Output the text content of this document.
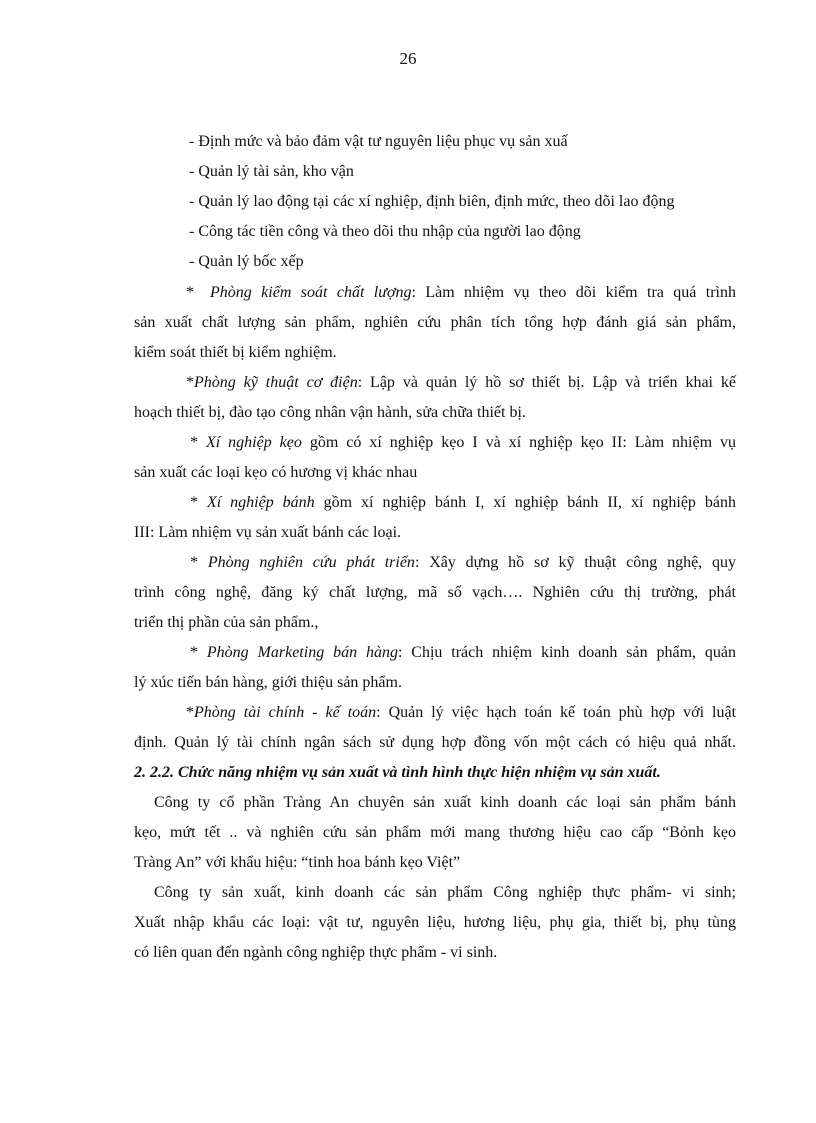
26
- Định mức và bảo đảm vật tư nguyên liệu phục vụ sản xuấ
- Quản lý tài sản, kho vận
- Quản lý lao động tại các xí nghiệp, định biên, định mức, theo dõi lao động
- Công tác tiền công và theo dõi thu nhập của người lao động
- Quản lý bốc xếp
* Phòng kiểm soát chất lượng: Làm nhiệm vụ theo dõi kiểm tra quá trình
sản xuất chất lượng sản phẩm, nghiên cứu phân tích tổng hợp đánh giá sản phẩm,
kiểm soát thiết bị kiểm nghiệm.
*Phòng kỹ thuật cơ điện: Lập và quản lý hồ sơ thiết bị. Lập và triển khai kế
hoạch thiết bị, đào tạo công nhân vận hành, sửa chữa thiết bị.
* Xí nghiệp kẹo gồm có xí nghiệp kẹo I và xí nghiệp kẹo II: Làm nhiệm vụ
sản xuất các loại kẹo có hương vị khác nhau
* Xí nghiệp bánh gồm xí nghiệp bánh I, xí nghiệp bánh II, xí nghiệp bánh
III: Làm nhiệm vụ sản xuất bánh các loại.
* Phòng nghiên cứu phát triển: Xây dựng hồ sơ kỹ thuật công nghệ, quy
trình công nghệ, đăng ký chất lượng, mã số vạch…. Nghiên cứu thị trường, phát
triển thị phần của sản phẩm.,
* Phòng Marketing bán hàng: Chịu trách nhiệm kinh doanh sản phẩm, quản
lý xúc tiến bán hàng, giới thiệu sản phẩm.
*Phòng tài chính - kế toán: Quản lý việc hạch toán kế toán phù hợp với luật
định. Quản lý tài chính ngân sách sử dụng hợp đồng vốn một cách có hiệu quả nhất.
2. 2.2. Chức năng nhiệm vụ sản xuất và tình hình thực hiện nhiệm vụ sản xuất.
Công ty cổ phần Tràng An chuyên sản xuất kinh doanh các loại sản phẩm bánh
kẹo, mứt tết .. và nghiên cứu sản phẩm mới mang thương hiệu cao cấp “Bỏnh kẹo
Tràng An” với khẩu hiệu: “tinh hoa bánh kẹo Việt”
Công ty sản xuất, kinh doanh các sản phẩm Công nghiệp thực phẩm- vi sinh;
Xuất nhập khẩu các loại: vật tư, nguyên liệu, hương liệu, phụ gia, thiết bị, phụ tùng
có liên quan đến ngành công nghiệp thực phẩm - vi sinh.
